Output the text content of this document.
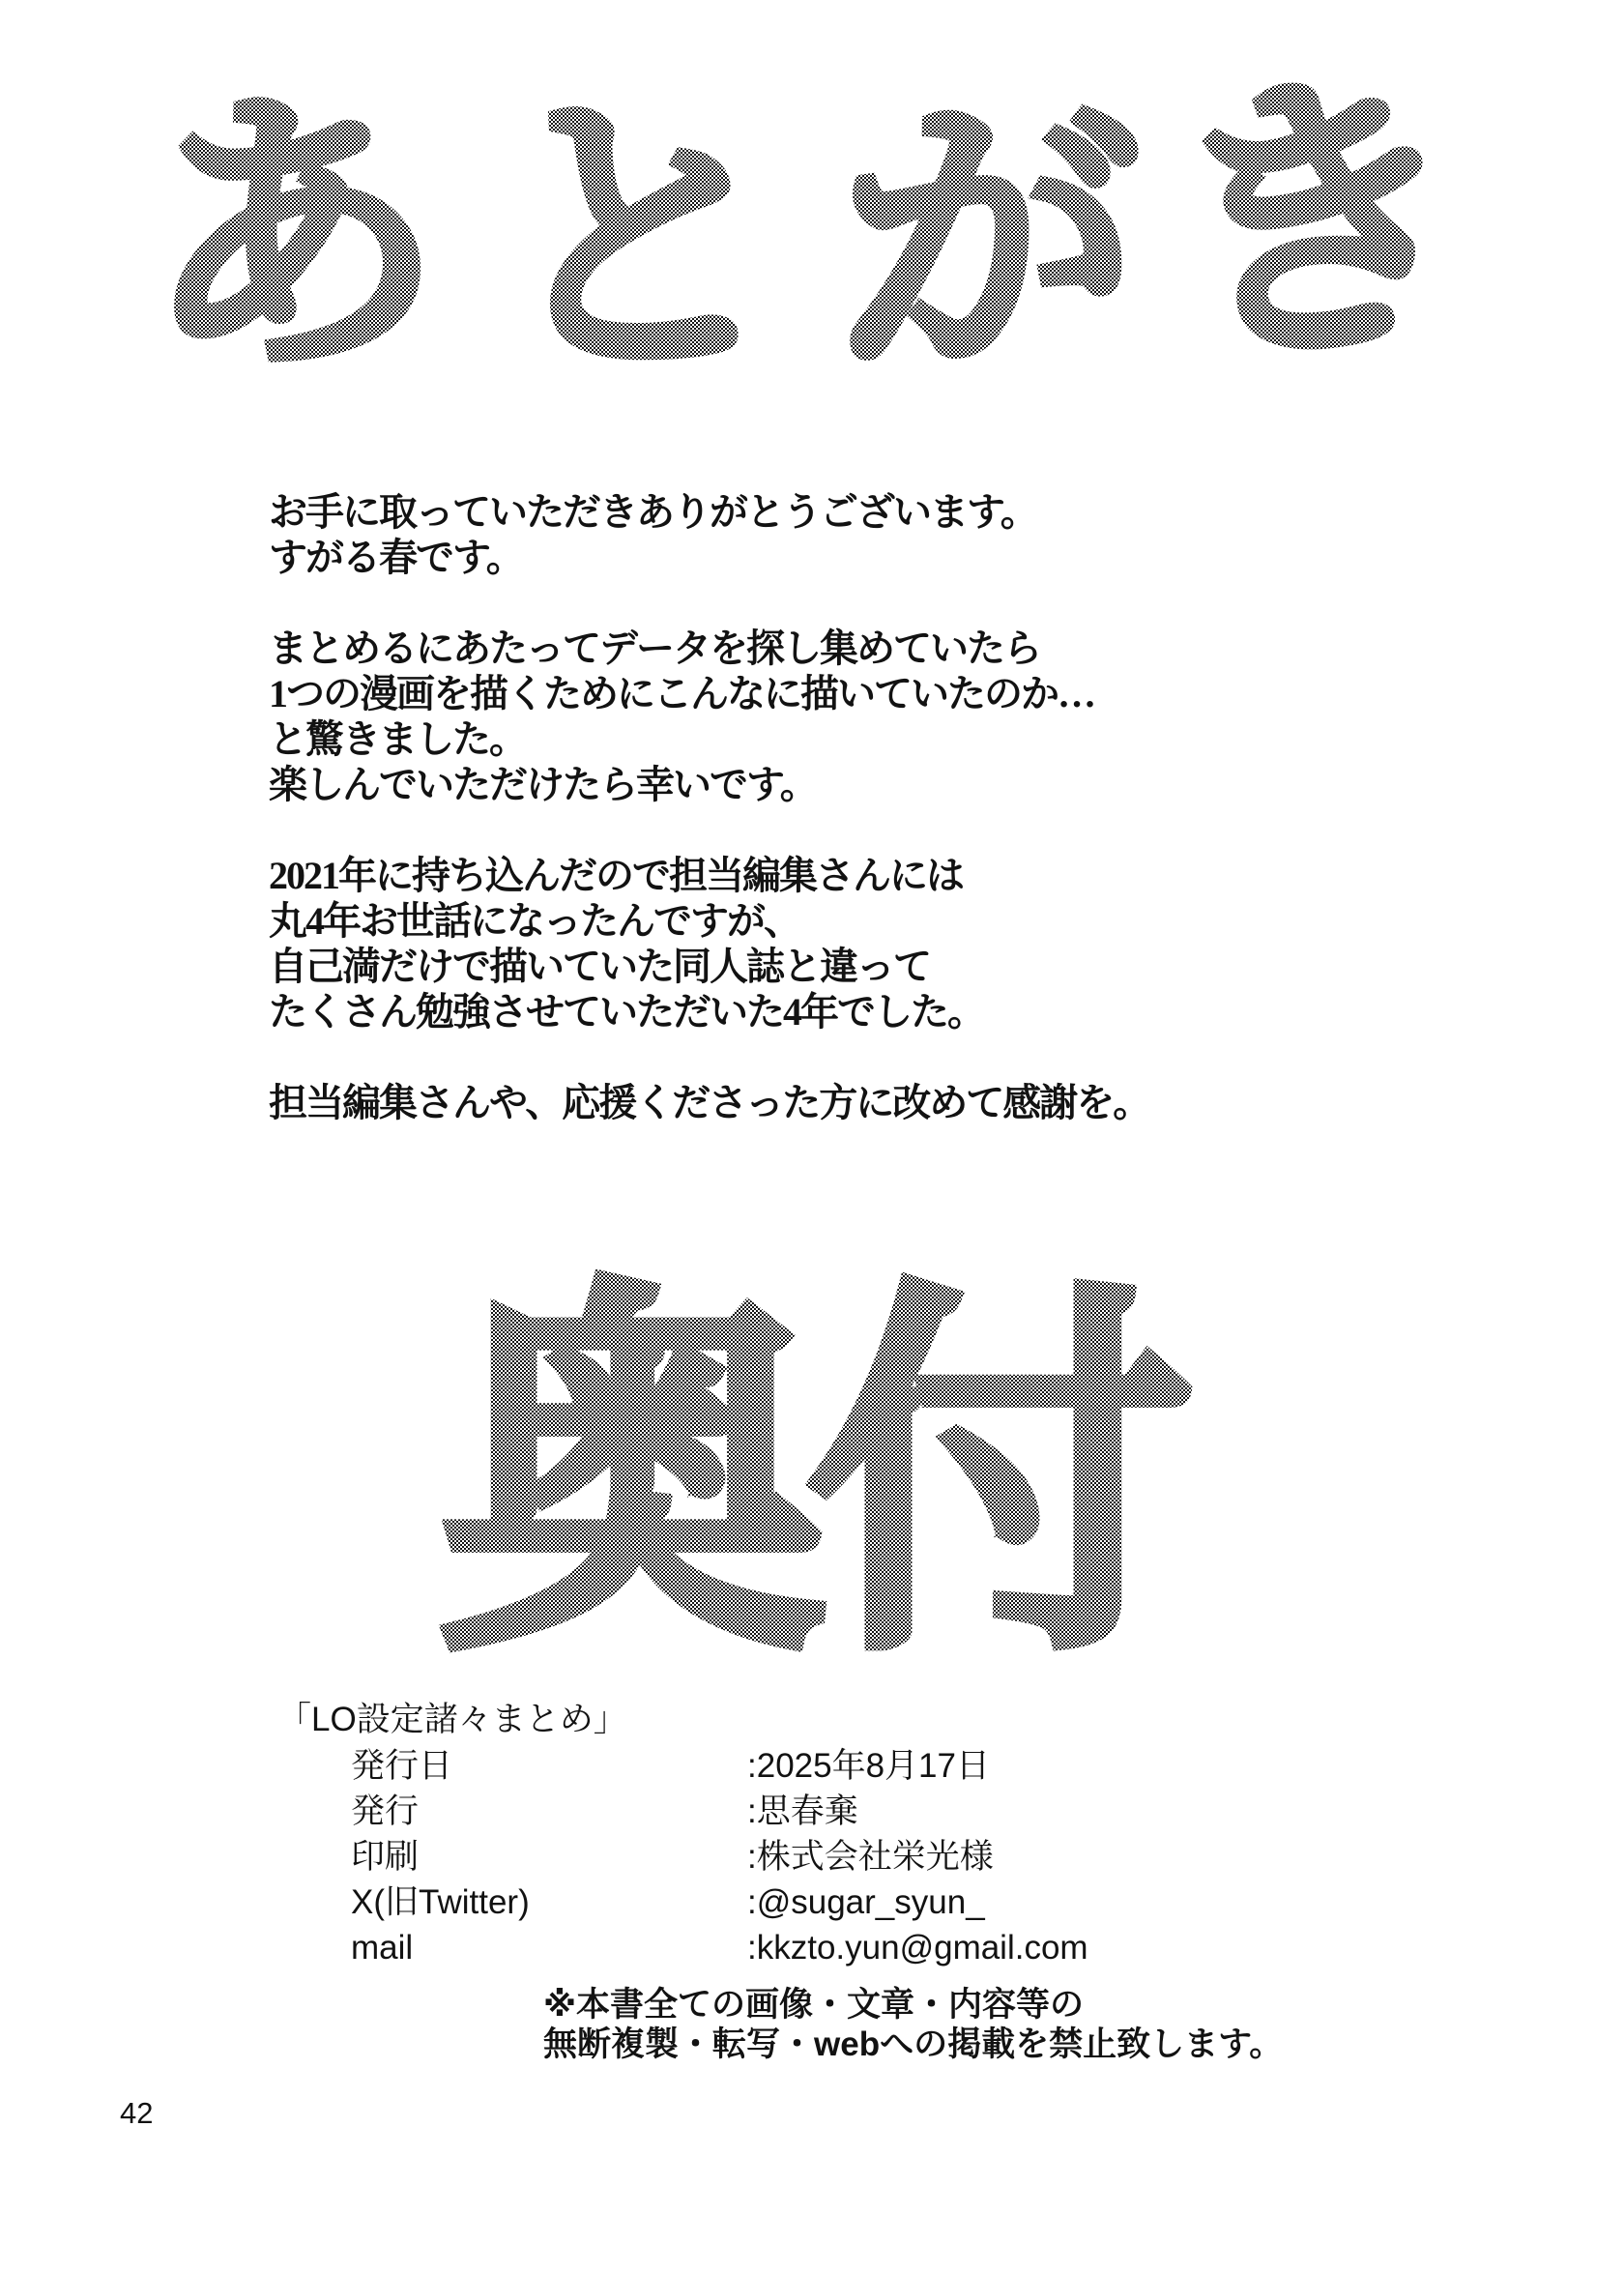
あとがき
お手に取っていただきありがとうございます。
すがる春です。
まとめるにあたってデータを探し集めていたら
1つの漫画を描くためにこんなに描いていたのか…
と驚きました。
楽しんでいただけたら幸いです。
2021年に持ち込んだので担当編集さんには
丸4年お世話になったんですが、
自己満だけで描いていた同人誌と違って
たくさん勉強させていただいた4年でした。
担当編集さんや、応援くださった方に改めて感謝を。
奥付
「LO設定諸々まとめ」
発行日	:2025年8月17日
発行	:思春棄
印刷	:株式会社栄光様
X(旧Twitter)	:@sugar_syun_
mail	:kkzto.yun@gmail.com
※本書全ての画像・文章・内容等の
無断複製・転写・webへの掲載を禁止致します。
42
